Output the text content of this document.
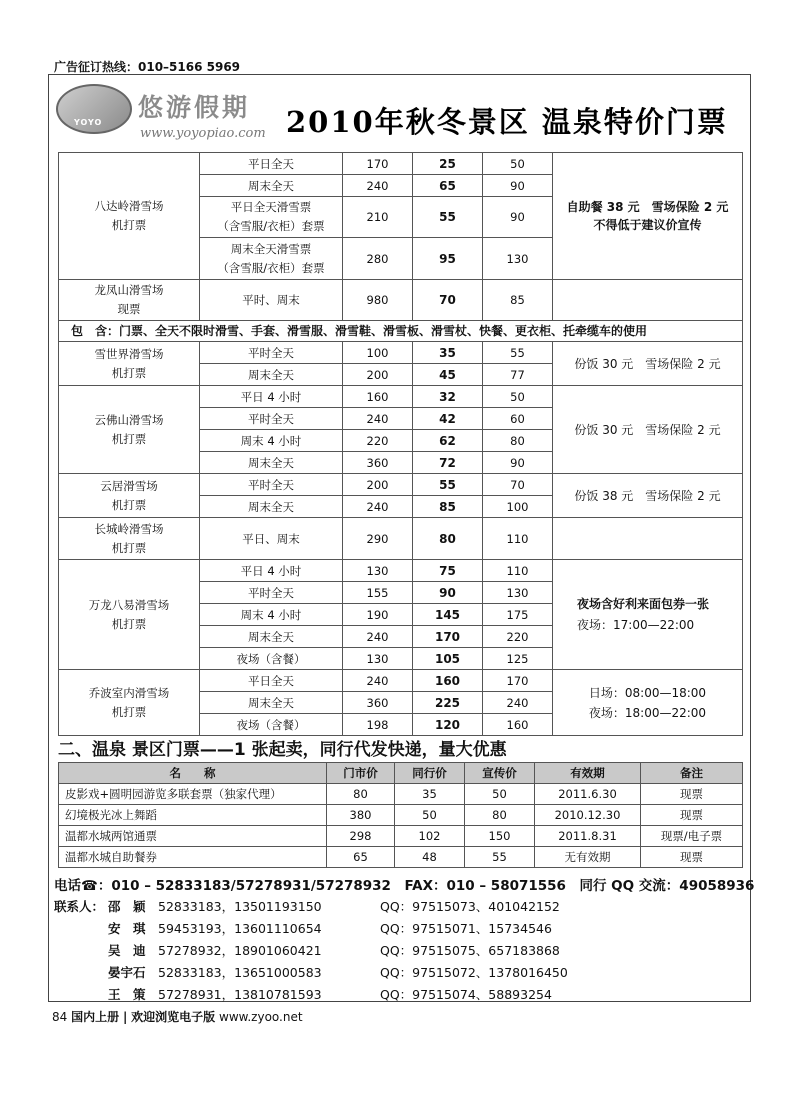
广告征订热线：010–5166 5969
YOYO
悠游假期
www.yoyopiao.com 2010年秋冬景区 温泉特价门票
八达岭滑雪场
机打票	平日全天	170	25	50	自助餐 38 元　雪场保险 2 元
不得低于建议价宣传
	周末全天	240	65	90	
	平日全天滑雪票
（含雪服/衣柜）套票	210	55	90	
	周末全天滑雪票
（含雪服/衣柜）套票	280	95	130	
龙凤山滑雪场
现票	平时、周末	980	70	85	
包　含：门票、全天不限时滑雪、手套、滑雪服、滑雪鞋、滑雪板、滑雪杖、快餐、更衣柜、托牵缆车的使用					
雪世界滑雪场
机打票	平时全天	100	35	55	份饭 30 元　雪场保险 2 元
	周末全天	200	45	77	
云佛山滑雪场
机打票	平日 4 小时	160	32	50	份饭 30 元　雪场保险 2 元
	平时全天	240	42	60	
	周末 4 小时	220	62	80	
	周末全天	360	72	90	
云居滑雪场
机打票	平时全天	200	55	70	份饭 38 元　雪场保险 2 元
	周末全天	240	85	100	
长城岭滑雪场
机打票	平日、周末	290	80	110	
万龙八易滑雪场
机打票	平日 4 小时	130	75	110	夜场含好利来面包券一张
夜场：17:00—22:00
	平时全天	155	90	130	
	周末 4 小时	190	145	175	
	周末全天	240	170	220	
	夜场（含餐）	130	105	125	
乔波室内滑雪场
机打票	平日全天	240	160	170	日场：08:00—18:00
夜场：18:00—22:00
	周末全天	360	225	240	
	夜场（含餐）	198	120	160	
二、温泉 景区门票——1 张起卖，同行代发快递，量大优惠
名　　称	门市价	同行价	宣传价	有效期	备注
皮影戏+圆明园游览多联套票（独家代理）	80	35	50	2011.6.30	现票
幻境极光冰上舞蹈	380	50	80	2010.12.30	现票
温都水城两馆通票	298	102	150	2011.8.31	现票/电子票
温都水城自助餐券	65	48	55	无有效期	现票
电话☎：010 – 52833183/57278931/57278932　FAX：010 – 58071556　同行 QQ 交流：49058936
联系人： 邵　颖 52833183，13501193150	QQ：97515073、401042152
安　琪 59453193，13601110654	QQ：97515071、15734546
吴　迪 57278932，18901060421	QQ：97515075、657183868
晏宇石 52833183，13651000583	QQ：97515072、1378016450
王　策 57278931，13810781593	QQ：97515074、58893254
84 国内上册 | 欢迎浏览电子版 www.zyoo.net
